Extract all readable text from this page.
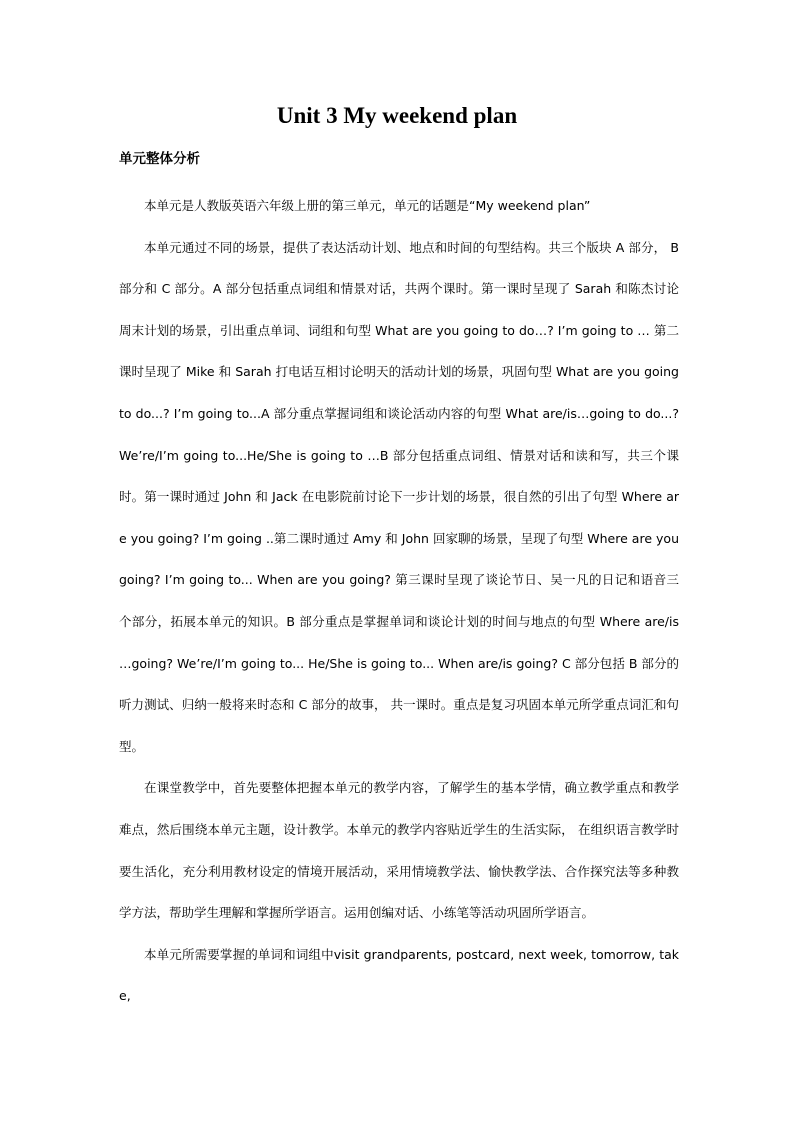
Unit 3 My weekend plan
单元整体分析

本单元是人教版英语六年级上册的第三单元，单元的话题是“My weekend plan”

本单元通过不同的场景，提供了表达活动计划、地点和时间的句型结构。共三个版块 A 部分， B 部分和 C 部分。A 部分包括重点词组和情景对话，共两个课时。第一课时呈现了 Sarah 和陈杰讨论周末计划的场景，引出重点单词、词组和句型 What are you going to do…? I’m going to … 第二课时呈现了 Mike 和 Sarah 打电话互相讨论明天的活动计划的场景，巩固句型 What are you going to do...? I’m going to...A 部分重点掌握词组和谈论活动内容的句型 What are/is…going to do...? We’re/I’m going to...He/She is going to …B 部分包括重点词组、情景对话和读和写，共三个课时。第一课时通过 John 和 Jack 在电影院前讨论下一步计划的场景，很自然的引出了句型 Where are you going? I’m going ..第二课时通过 Amy 和 John 回家聊的场景，呈现了句型 Where are you going? I’m going to... When are you going? 第三课时呈现了谈论节日、吴一凡的日记和语音三个部分，拓展本单元的知识。B 部分重点是掌握单词和谈论计划的时间与地点的句型 Where are/is …going? We’re/I’m going to... He/She is going to... When are/is going? C 部分包括 B 部分的听力测试、归纳一般将来时态和 C 部分的故事， 共一课时。重点是复习巩固本单元所学重点词汇和句型。

在课堂教学中，首先要整体把握本单元的教学内容，了解学生的基本学情，确立教学重点和教学难点，然后围绕本单元主题，设计教学。本单元的教学内容贴近学生的生活实际， 在组织语言教学时要生活化，充分利用教材设定的情境开展活动，采用情境教学法、愉快教学法、合作探究法等多种教学方法，帮助学生理解和掌握所学语言。运用创编对话、小练笔等活动巩固所学语言。

本单元所需要掌握的单词和词组中visit grandparents, postcard, next week, tomorrow, take,
